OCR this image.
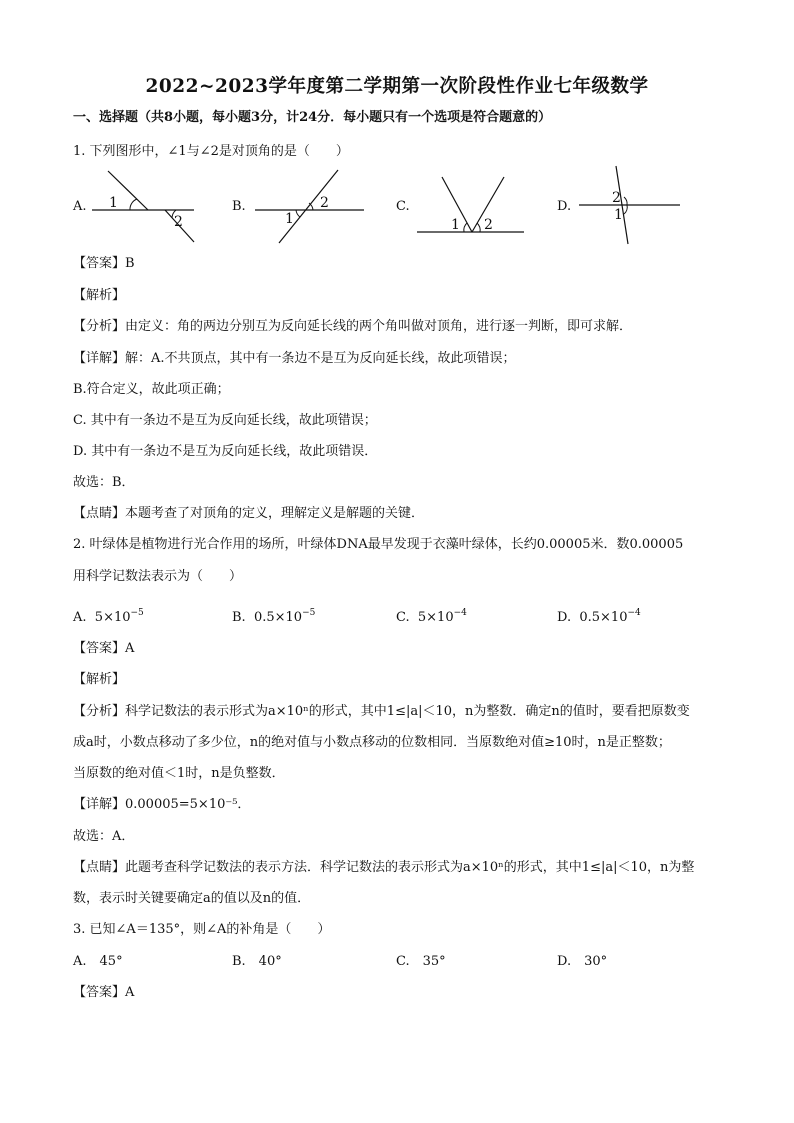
2022~2023学年度第二学期第一次阶段性作业七年级数学
一、选择题（共8小题，每小题3分，计24分．每小题只有一个选项是符合题意的）
1. 下列图形中，∠1与∠2是对顶角的是（　　）
A. 1
2
B.
1
2	C.
1 2
D.
2
1
【答案】B
【解析】
【分析】由定义：角的两边分别互为反向延长线的两个角叫做对顶角，进行逐一判断，即可求解．
【详解】解：A.不共顶点，其中有一条边不是互为反向延长线，故此项错误；
B.符合定义，故此项正确；
C. 其中有一条边不是互为反向延长线，故此项错误；
D. 其中有一条边不是互为反向延长线，故此项错误．
故选：B．
【点睛】本题考查了对顶角的定义，理解定义是解题的关键．
2. 叶绿体是植物进行光合作用的场所，叶绿体DNA最早发现于衣藻叶绿体，长约0.00005米．数0.00005
用科学记数法表示为（　　）
A. $5\times 10^{-5}$	B. $0.5\times 10^{-5}$	C. $5\times 10^{-4}$	D. $0.5\times 10^{-4}$
【答案】A
【解析】
【分析】科学记数法的表示形式为a×10ⁿ的形式，其中1≤|a|＜10，n为整数．确定n的值时，要看把原数变
成a时，小数点移动了多少位，n的绝对值与小数点移动的位数相同．当原数绝对值≥10时，n是正整数；
当原数的绝对值＜1时，n是负整数．
【详解】0.00005=5×10⁻⁵．
故选：A．
【点睛】此题考查科学记数法的表示方法．科学记数法的表示形式为a×10ⁿ的形式，其中1≤|a|＜10，n为整
数，表示时关键要确定a的值以及n的值．
3. 已知∠A＝135°，则∠A的补角是（　　）
A.　45°	B.　40°	C.　35°	D.　30°
【答案】A
